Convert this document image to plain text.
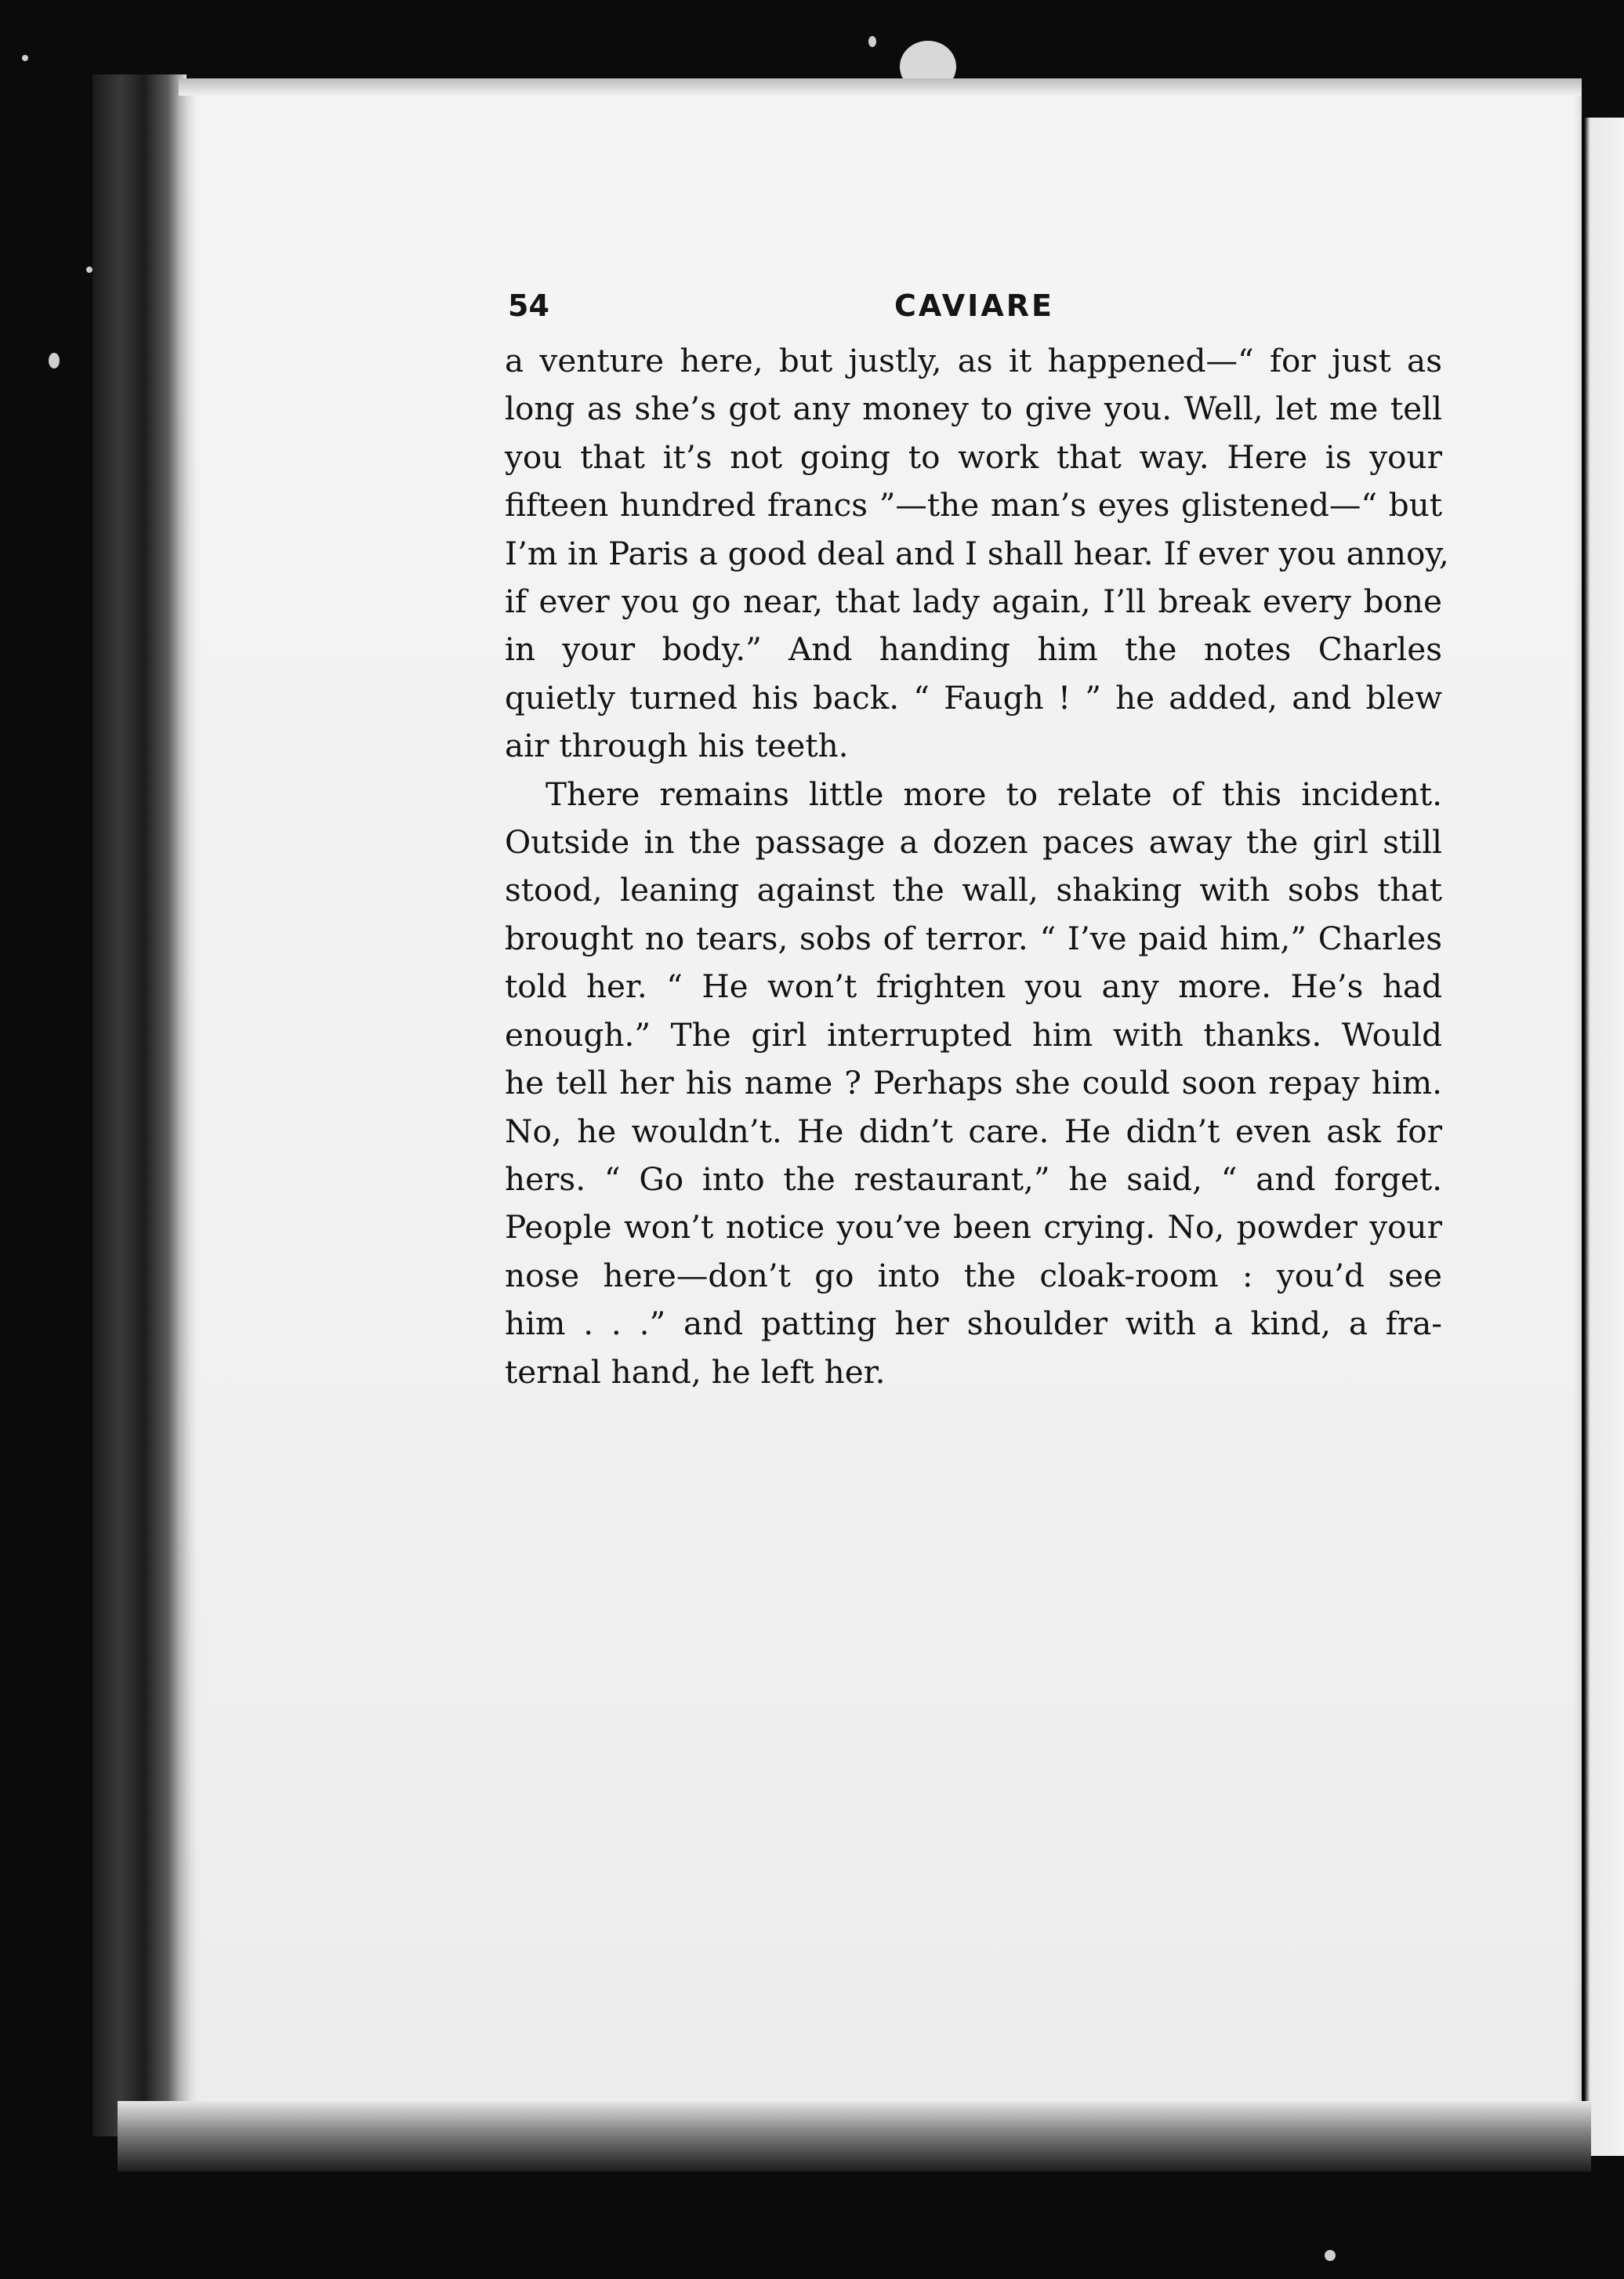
54	CAVIARE
a venture here, but justly, as it happened—“ for just as
long as she’s got any money to give you. Well, let me tell
you that it’s not going to work that way. Here is your
fifteen hundred francs ”—the man’s eyes glistened—“ but
I’m in Paris a good deal and I shall hear. If ever you annoy,
if ever you go near, that lady again, I’ll break every bone
in your body.” And handing him the notes Charles
quietly turned his back. “ Faugh ! ” he added, and blew
air through his teeth.
There remains little more to relate of this incident.
Outside in the passage a dozen paces away the girl still
stood, leaning against the wall, shaking with sobs that
brought no tears, sobs of terror. “ I’ve paid him,” Charles
told her. “ He won’t frighten you any more. He’s had
enough.” The girl interrupted him with thanks. Would
he tell her his name ? Perhaps she could soon repay him.
No, he wouldn’t. He didn’t care. He didn’t even ask for
hers. “ Go into the restaurant,” he said, “ and forget.
People won’t notice you’ve been crying. No, powder your
nose here—don’t go into the cloak-room : you’d see
him . . .” and patting her shoulder with a kind, a fra-
ternal hand, he left her.
